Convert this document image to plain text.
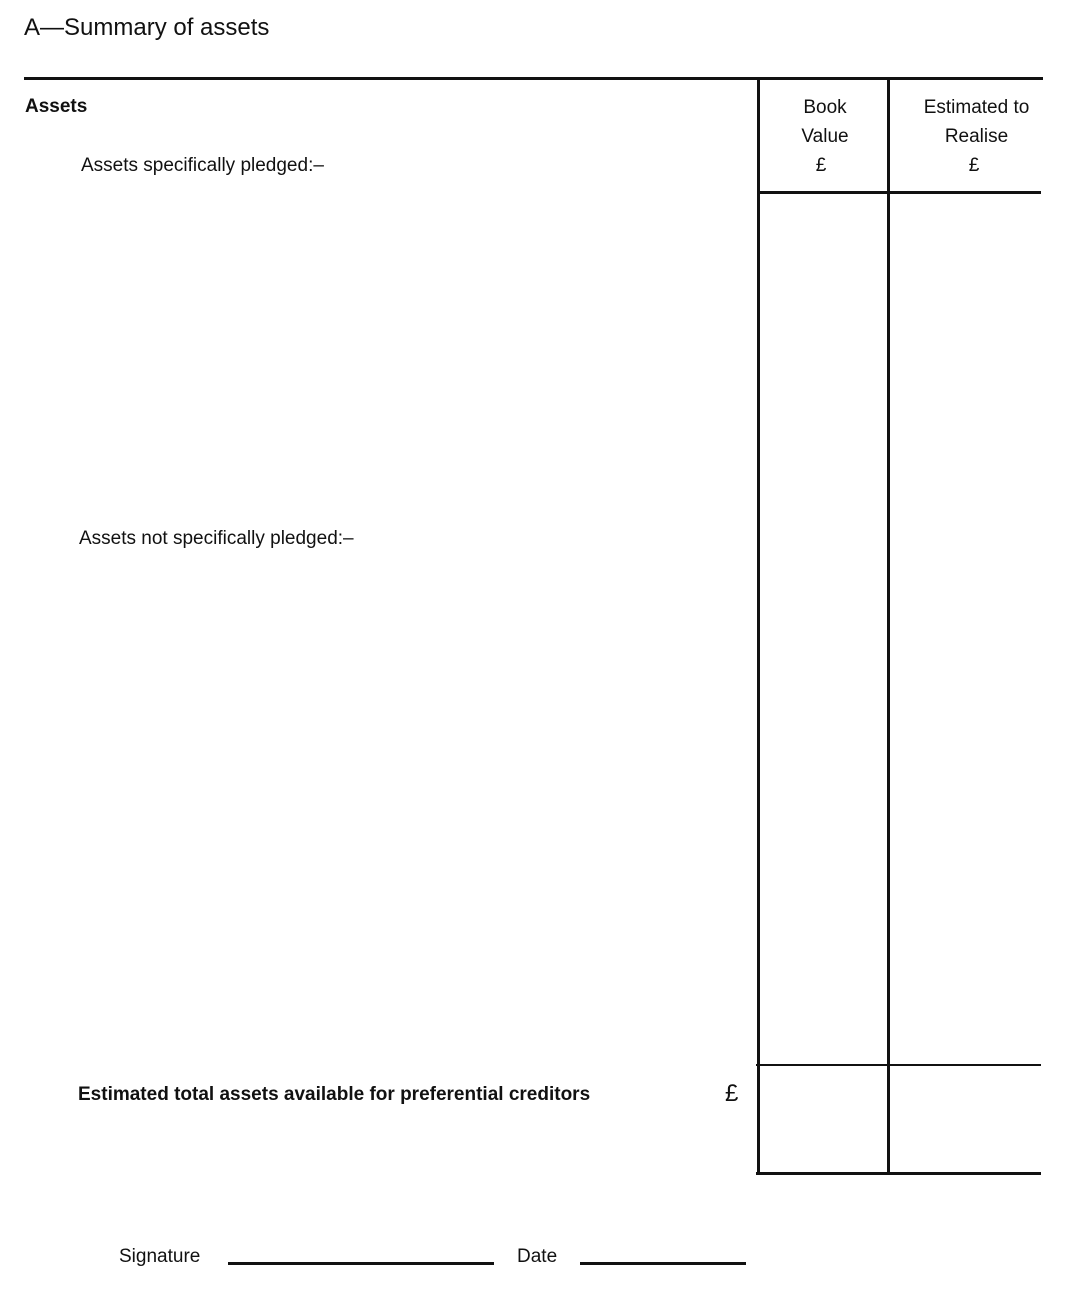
A—Summary of assets
Assets
Assets specifically pledged:–
Assets not specifically pledged:–
Book
Value
£
Estimated to
Realise
£
Estimated total assets available for preferential creditors	£
Signature	Date
